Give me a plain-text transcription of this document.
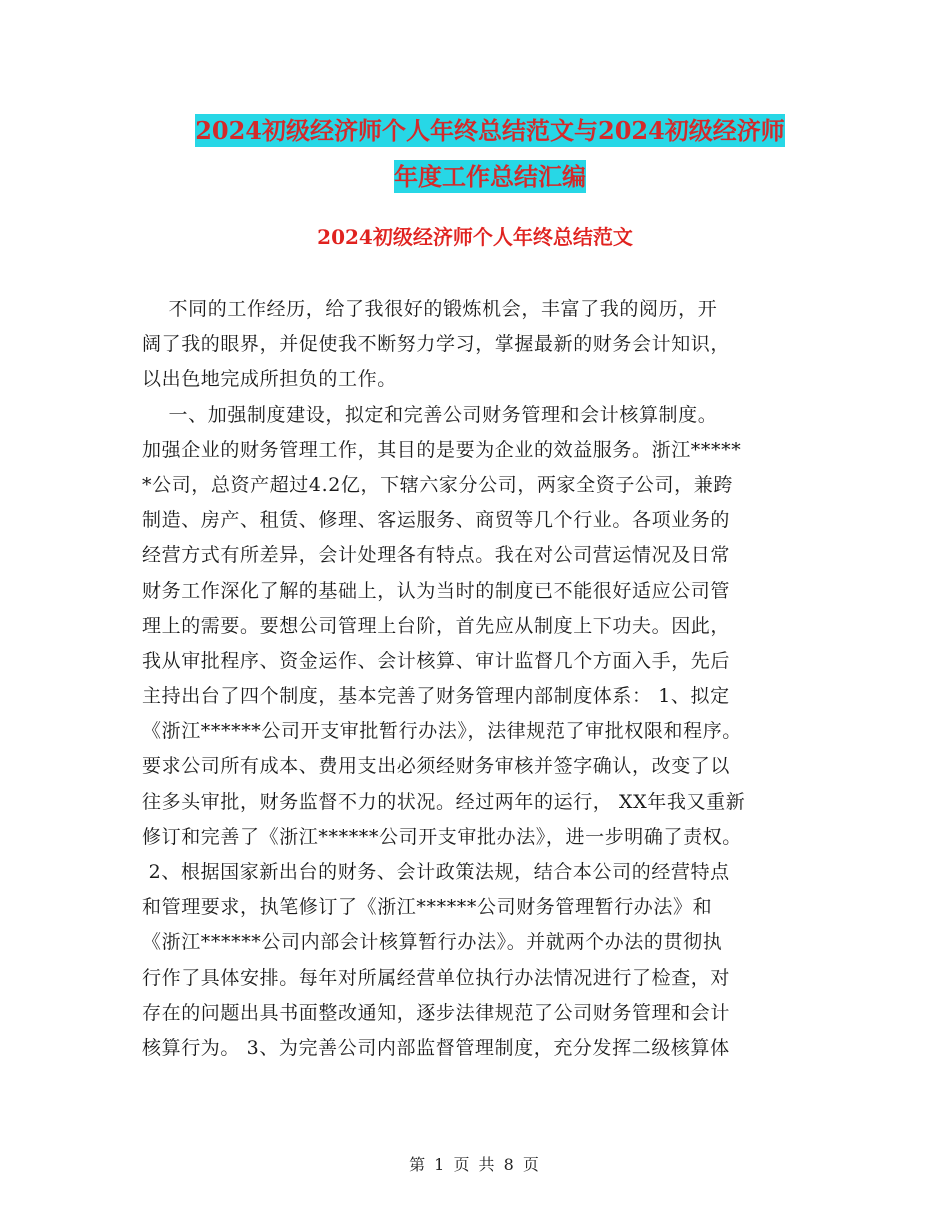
2024初级经济师个人年终总结范文与2024初级经济师
年度工作总结汇编
2024初级经济师个人年终总结范文
不同的工作经历，给了我很好的锻炼机会，丰富了我的阅历，开
阔了我的眼界，并促使我不断努力学习，掌握最新的财务会计知识，
以出色地完成所担负的工作。
一、加强制度建设，拟定和完善公司财务管理和会计核算制度。
加强企业的财务管理工作，其目的是要为企业的效益服务。浙江*****
*公司，总资产超过4.2亿，下辖六家分公司，两家全资子公司，兼跨
制造、房产、租赁、修理、客运服务、商贸等几个行业。各项业务的
经营方式有所差异，会计处理各有特点。我在对公司营运情况及日常
财务工作深化了解的基础上，认为当时的制度已不能很好适应公司管
理上的需要。要想公司管理上台阶，首先应从制度上下功夫。因此，
我从审批程序、资金运作、会计核算、审计监督几个方面入手，先后
主持出台了四个制度，基本完善了财务管理内部制度体系： 1、拟定
《浙江******公司开支审批暂行办法》，法律规范了审批权限和程序。
要求公司所有成本、费用支出必须经财务审核并签字确认，改变了以
往多头审批，财务监督不力的状况。经过两年的运行， XX年我又重新
修订和完善了《浙江******公司开支审批办法》，进一步明确了责权。
2、根据国家新出台的财务、会计政策法规，结合本公司的经营特点
和管理要求，执笔修订了《浙江******公司财务管理暂行办法》和
《浙江******公司内部会计核算暂行办法》。并就两个办法的贯彻执
行作了具体安排。每年对所属经营单位执行办法情况进行了检查，对
存在的问题出具书面整改通知，逐步法律规范了公司财务管理和会计
核算行为。 3、为完善公司内部监督管理制度，充分发挥二级核算体
第 1 页 共 8 页
